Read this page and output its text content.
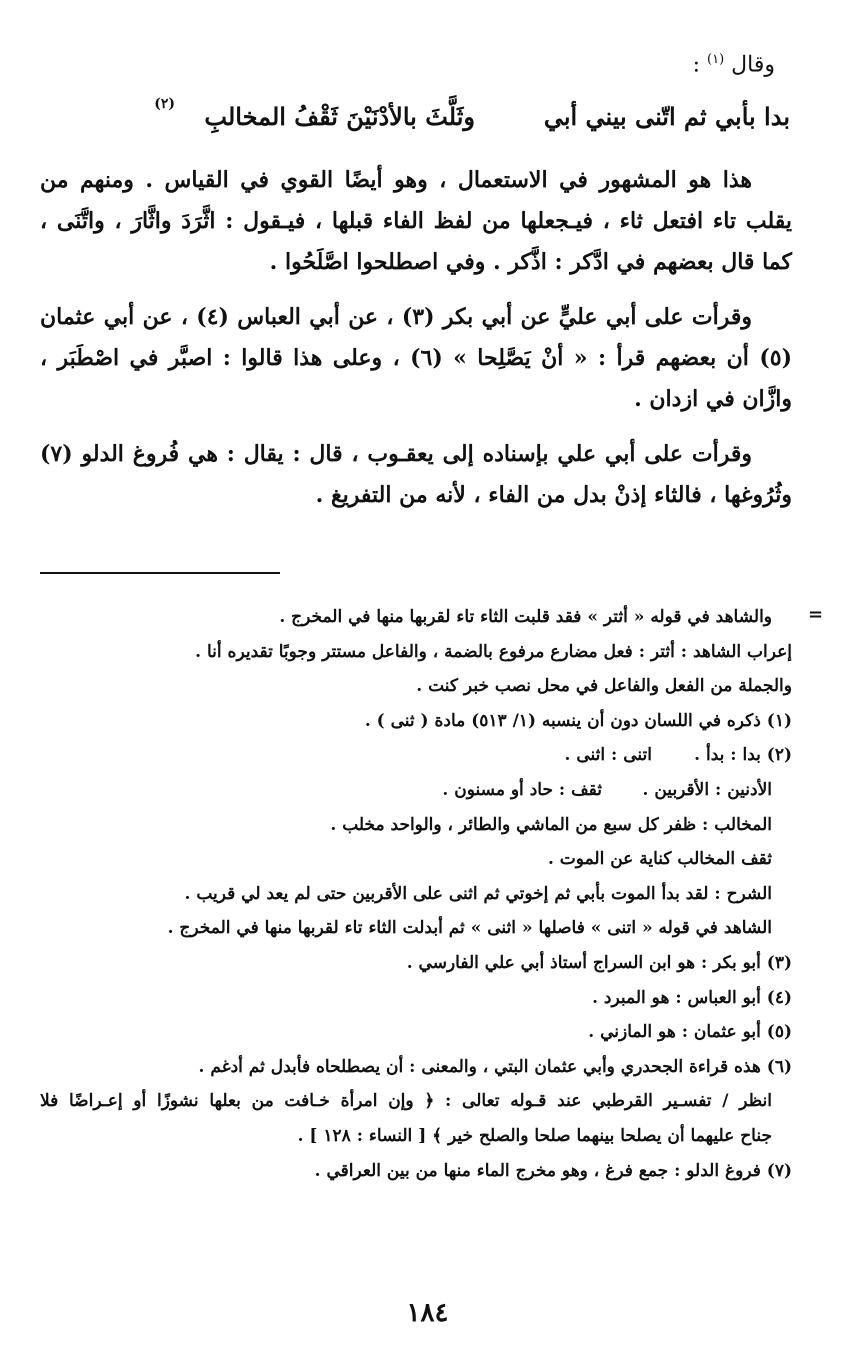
وقال $^{(١)}$ :
بدا بأبي ثم اتّنى بيني أبي
وثَلَّثَ بالأدْنَيْنَ ثَقْفُ المخالبِ
(٢)

هذا هو المشهور في الاستعمال ، وهو أيضًا القوي في القياس . ومنهم من يقلب تاء افتعل ثاء ، فيـجعلها من لفظ الفاء قبلها ، فيـقول : اثَّرَدَ واثَّارَ ، واتَّنَى ، كما قال بعضهم في ادَّكر : اذَّكر . وفي اصطلحوا اصَّلَحُوا .

وقرأت على أبي عليٍّ عن أبي بكر (٣) ، عن أبي العباس (٤) ، عن أبي عثمان (٥) أن بعضهم قرأ : « أنْ يَصَّلِحا » (٦) ، وعلى هذا قالوا : اصبَّر في اصْطَبَر ، وازَّان في ازدان .

وقرأت على أبي علي بإسناده إلى يعقـوب ، قال : يقال : هي فُروغ الدلو (٧) وثُرُوغها ، فالثاء إذنْ بدل من الفاء ، لأنه من التفريغ .

=
والشاهد في قوله « أثتر » فقد قلبت الثاء تاء لقربها منها في المخرج .
إعراب الشاهد : أثتر : فعل مضارع مرفوع بالضمة ، والفاعل مستتر وجوبًا تقديره أنا .
والجملة من الفعل والفاعل في محل نصب خبر كنت .
(١) ذكره في اللسان دون أن ينسبه (١/ ٥١٣) مادة ( ثنى ) .
(٢) بدا : بدأ .
اتنى : اثنى .
الأدنين : الأقربين .
ثقف : حاد أو مسنون .
المخالب : ظفر كل سبع من الماشي والطائر ، والواحد مخلب .
ثقف المخالب كناية عن الموت .
الشرح : لقد بدأ الموت بأبي ثم إخوتي ثم اثنى على الأقربين حتى لم يعد لي قريب .
الشاهد في قوله « اتنى » فاصلها « اثنى » ثم أبدلت الثاء تاء لقربها منها في المخرج .
(٣) أبو بكر : هو ابن السراج أستاذ أبي علي الفارسي .
(٤) أبو العباس : هو المبرد .
(٥) أبو عثمان : هو المازني .
(٦) هذه قراءة الجحدري وأبي عثمان البتي ، والمعنى : أن يصطلحاه فأبدل ثم أدغم .
انظر / تفسـير القرطبي عند قـوله تعالى : ﴿ وإن امرأة خـافت من بعلها نشوزًا أو إعـراضًا فلا
جناح عليهما أن يصلحا بينهما صلحا والصلح خير ﴾ [ النساء : ١٢٨ ] .
(٧) فروغ الدلو : جمع فرغ ، وهو مخرج الماء منها من بين العراقي .
١٨٤
